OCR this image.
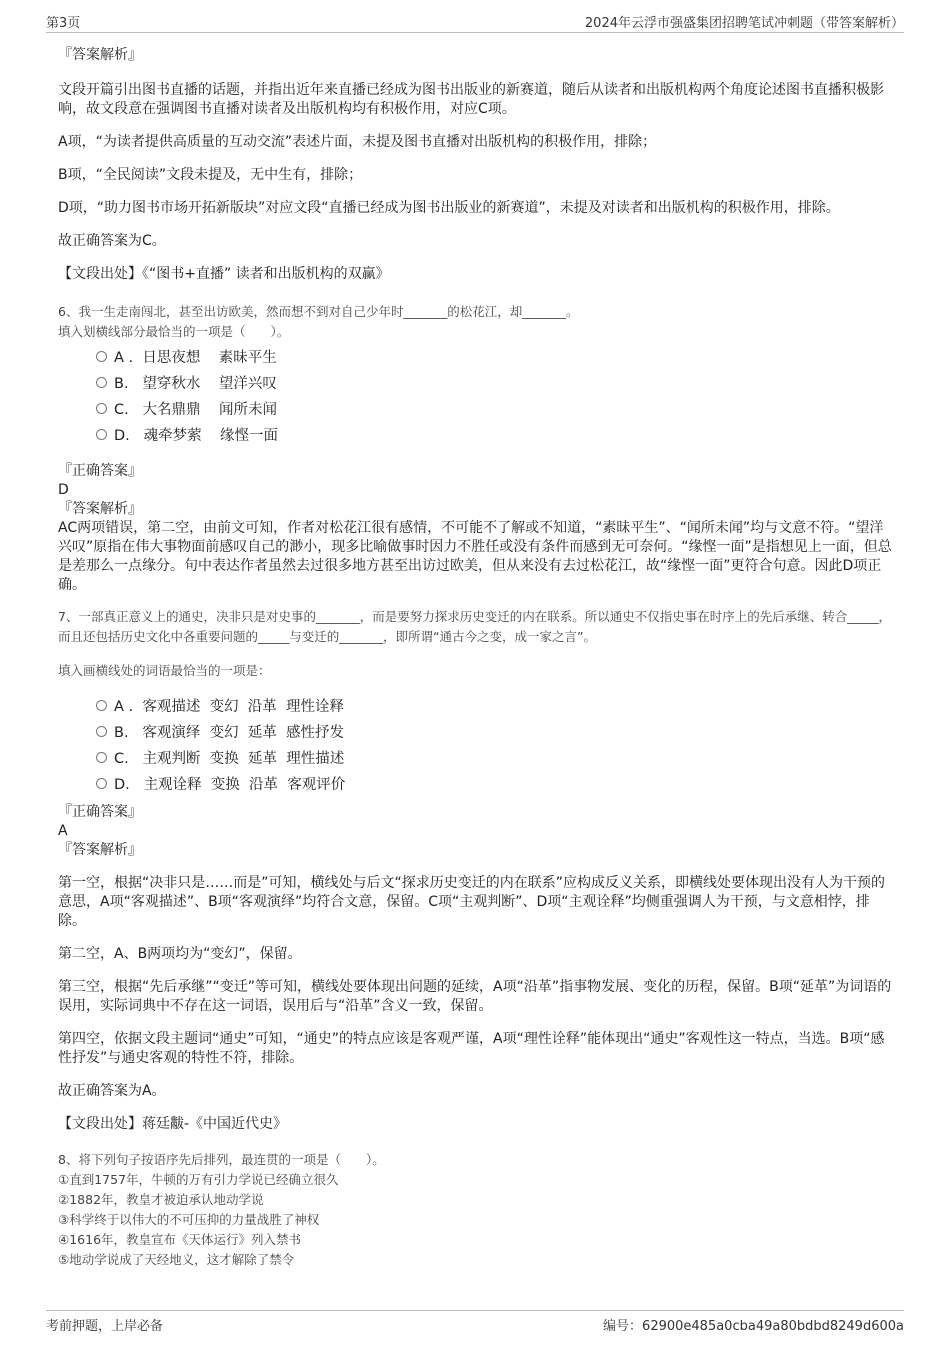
第3页	2024年云浮市强盛集团招聘笔试冲刺题（带答案解析）

『答案解析』

文段开篇引出图书直播的话题，并指出近年来直播已经成为图书出版业的新赛道，随后从读者和出版机构两个角度论述图书直播积极影响，故文段意在强调图书直播对读者及出版机构均有积极作用，对应C项。

A项，“为读者提供高质量的互动交流”表述片面，未提及图书直播对出版机构的积极作用，排除；

B项，“全民阅读”文段未提及，无中生有，排除；

D项，“助力图书市场开拓新版块”对应文段“直播已经成为图书出版业的新赛道”，未提及对读者和出版机构的积极作用，排除。

故正确答案为C。

【文段出处】《“图书+直播” 读者和出版机构的双赢》

6、我一生走南闯北，甚至出访欧美，然而想不到对自己少年时_______的松花江，却_______。

填入划横线部分最恰当的一项是（　　）。

A .  日思夜想    素昧平生
B.   望穿秋水    望洋兴叹
C.   大名鼎鼎    闻所未闻
D.   魂牵梦萦    缘悭一面

『正确答案』

D

『答案解析』

AC两项错误，第二空，由前文可知，作者对松花江很有感情，不可能不了解或不知道，“素昧平生”、“闻所未闻”均与文意不符。“望洋兴叹”原指在伟大事物面前感叹自己的渺小，现多比喻做事时因力不胜任或没有条件而感到无可奈何。“缘悭一面”是指想见上一面，但总是差那么一点缘分。句中表达作者虽然去过很多地方甚至出访过欧美，但从来没有去过松花江，故“缘悭一面”更符合句意。因此D项正确。

7、一部真正意义上的通史，决非只是对史事的_______，而是要努力探求历史变迁的内在联系。所以通史不仅指史事在时序上的先后承继、转合_____，而且还包括历史文化中各重要问题的_____与变迁的_______，即所谓“通古今之变，成一家之言”。

填入画横线处的词语最恰当的一项是：

A .  客观描述  变幻  沿革  理性诠释
B.   客观演绎  变幻  延革  感性抒发
C.   主观判断  变换  延革  理性描述
D.   主观诠释  变换  沿革  客观评价

『正确答案』

A

『答案解析』

第一空，根据“决非只是……而是”可知，横线处与后文“探求历史变迁的内在联系”应构成反义关系，即横线处要体现出没有人为干预的意思，A项“客观描述”、B项“客观演绎”均符合文意，保留。C项“主观判断”、D项“主观诠释”均侧重强调人为干预，与文意相悖，排除。

第二空，A、B两项均为“变幻”，保留。

第三空，根据“先后承继”“变迁”等可知，横线处要体现出问题的延续，A项“沿革”指事物发展、变化的历程，保留。B项“延革”为词语的误用，实际词典中不存在这一词语，误用后与“沿革”含义一致，保留。

第四空，依据文段主题词“通史”可知，“通史”的特点应该是客观严谨，A项“理性诠释”能体现出“通史”客观性这一特点，当选。B项“感性抒发”与通史客观的特性不符，排除。

故正确答案为A。

【文段出处】蒋廷黻-《中国近代史》

8、将下列句子按语序先后排列，最连贯的一项是（　　）。

①直到1757年，牛顿的万有引力学说已经确立很久

②1882年，教皇才被迫承认地动学说

③科学终于以伟大的不可压抑的力量战胜了神权

④1616年，教皇宣布《天体运行》列入禁书

⑤地动学说成了天经地义，这才解除了禁令

考前押题，上岸必备	编号：62900e485a0cba49a80bdbd8249d600a
